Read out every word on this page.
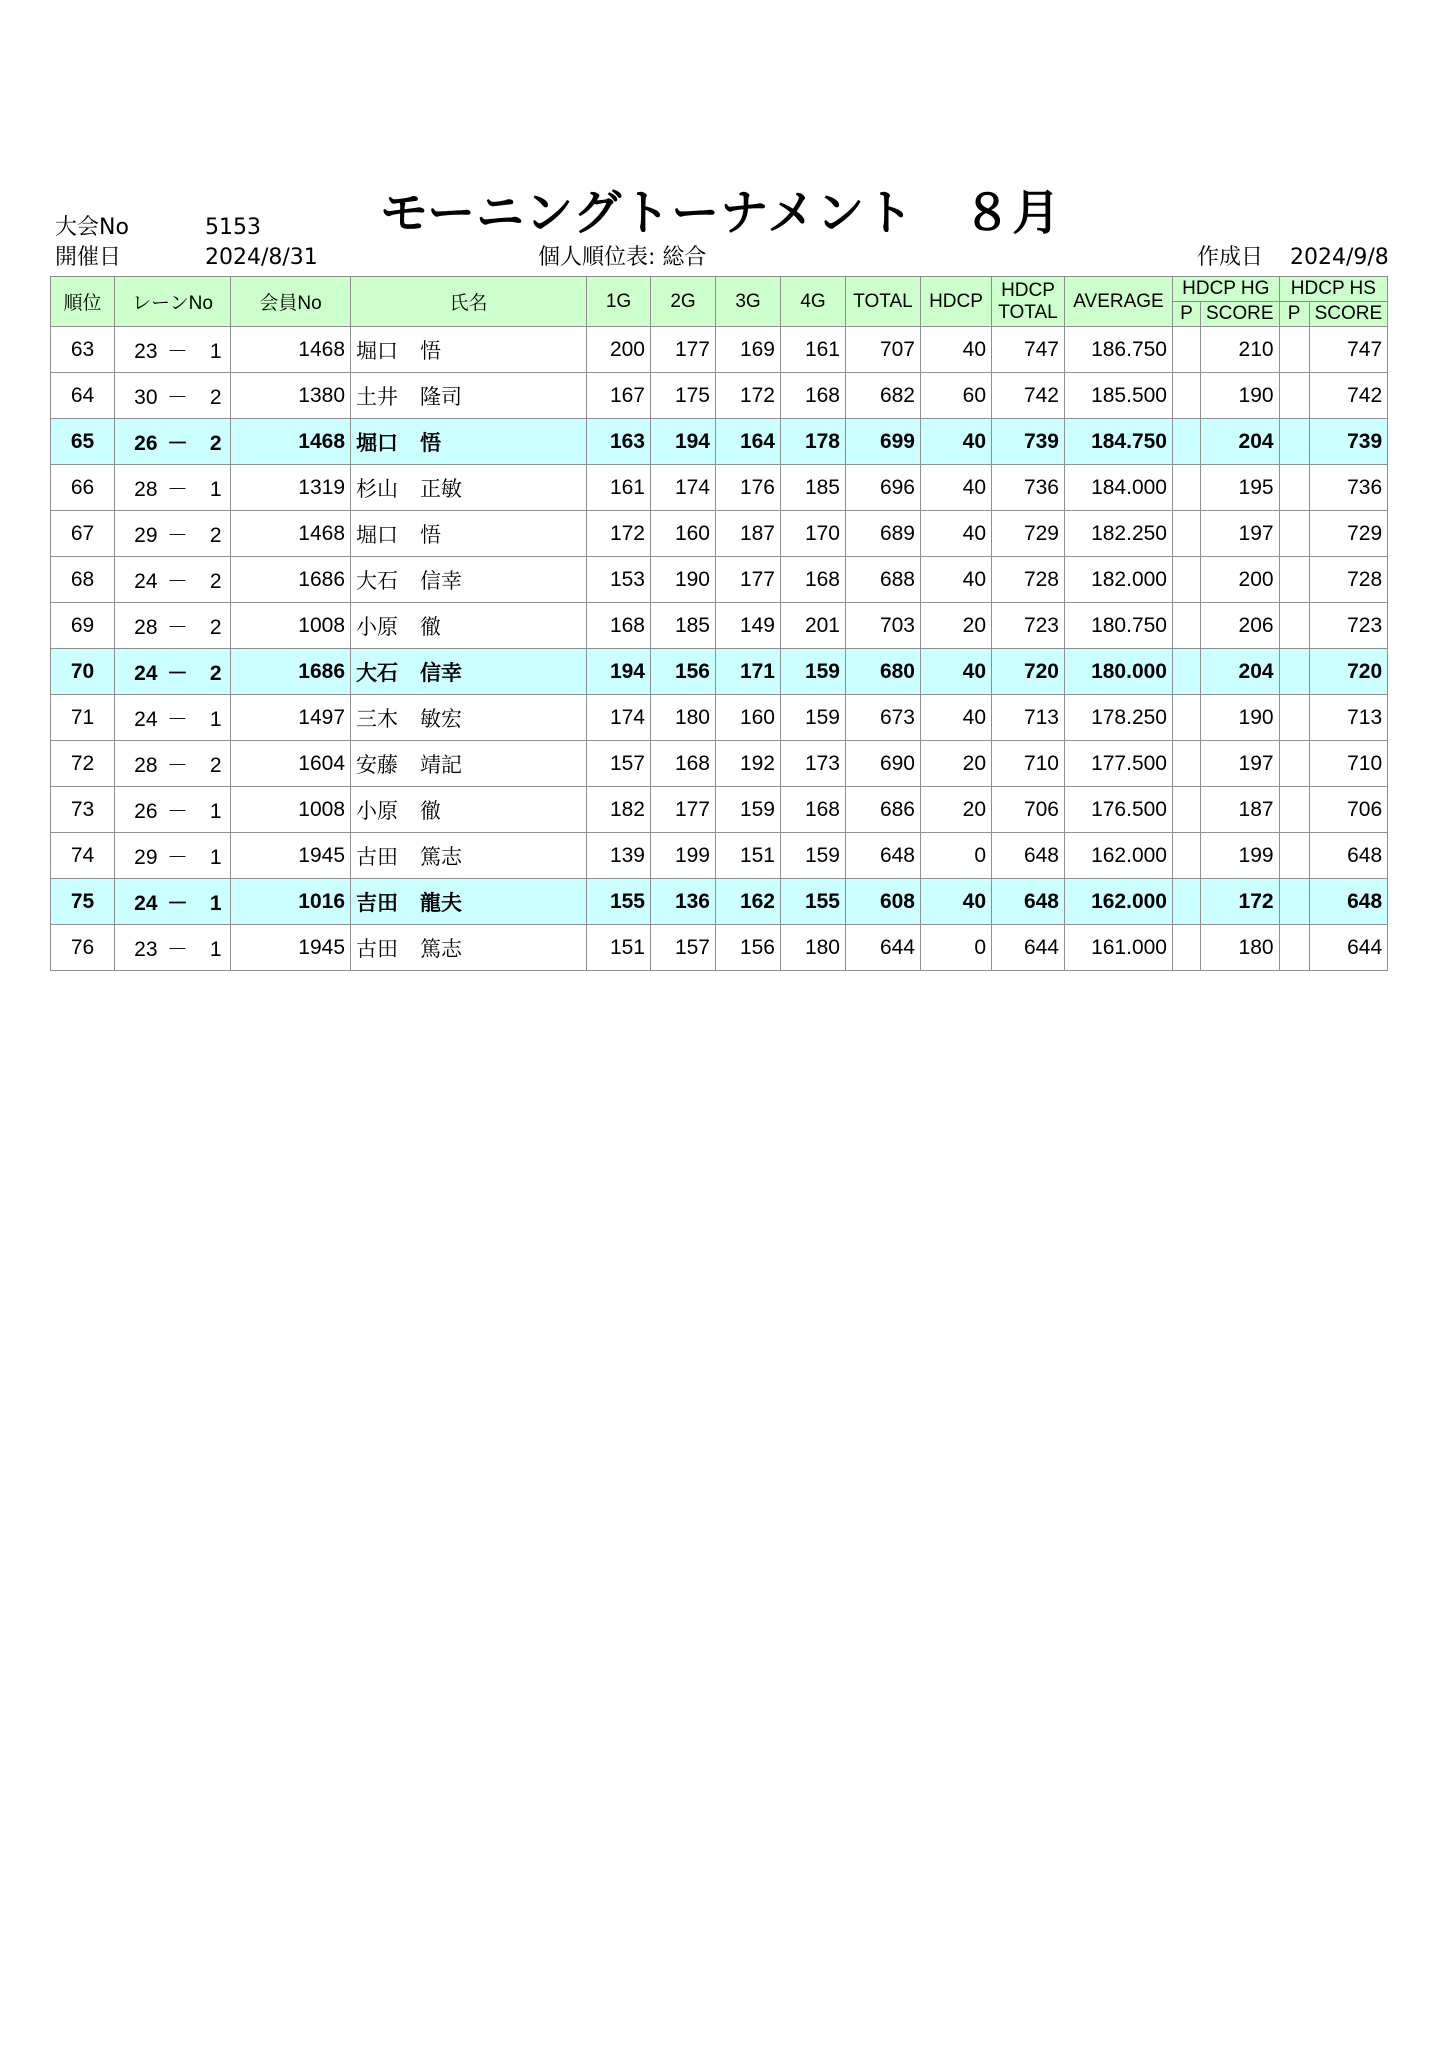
大会No	5153
開催日	2024/8/31
モーニングトーナメント　８月
個人順位表: 総合	作成日 2024/9/8
順位	レーンNo	会員No	氏名	1G	2G	3G	4G	TOTAL	HDCP	HDCP
TOTAL	AVERAGE	HDCP HG		HDCP HS	
												P	SCORE	P	SCORE
63	23 － 1	1468	堀口 悟	200	177	169	161	707	40	747	186.750		210		747
64	30 － 2	1380	土井 隆司	167	175	172	168	682	60	742	185.500		190		742
65	26 － 2	1468	堀口 悟	163	194	164	178	699	40	739	184.750		204		739
66	28 － 1	1319	杉山 正敏	161	174	176	185	696	40	736	184.000		195		736
67	29 － 2	1468	堀口 悟	172	160	187	170	689	40	729	182.250		197		729
68	24 － 2	1686	大石 信幸	153	190	177	168	688	40	728	182.000		200		728
69	28 － 2	1008	小原 徹	168	185	149	201	703	20	723	180.750		206		723
70	24 － 2	1686	大石 信幸	194	156	171	159	680	40	720	180.000		204		720
71	24 － 1	1497	三木 敏宏	174	180	160	159	673	40	713	178.250		190		713
72	28 － 2	1604	安藤 靖記	157	168	192	173	690	20	710	177.500		197		710
73	26 － 1	1008	小原 徹	182	177	159	168	686	20	706	176.500		187		706
74	29 － 1	1945	古田 篤志	139	199	151	159	648	0	648	162.000		199		648
75	24 － 1	1016	吉田 龍夫	155	136	162	155	608	40	648	162.000		172		648
76	23 － 1	1945	古田 篤志	151	157	156	180	644	0	644	161.000		180		644
